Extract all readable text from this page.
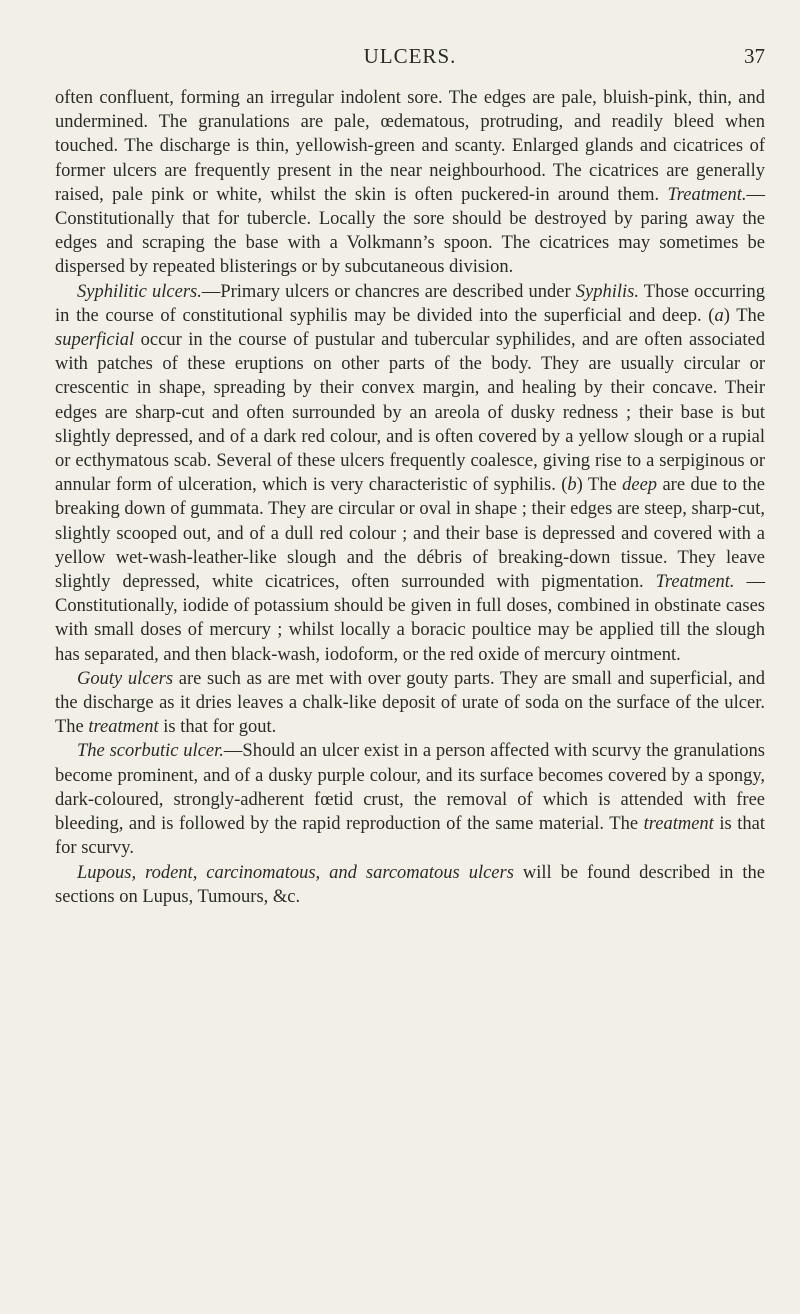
ULCERS.	37

often confluent, forming an irregular indolent sore. The edges are pale, bluish-pink, thin, and undermined. The granulations are pale, œdematous, protruding, and readily bleed when touched. The discharge is thin, yellowish-green and scanty. Enlarged glands and cicatrices of former ulcers are frequently present in the near neighbourhood. The cicatrices are generally raised, pale pink or white, whilst the skin is often puckered-in around them. Treatment.—Constitutionally that for tubercle. Locally the sore should be destroyed by paring away the edges and scraping the base with a Volkmann’s spoon. The cicatrices may sometimes be dispersed by repeated blisterings or by subcutaneous division.

Syphilitic ulcers.—Primary ulcers or chancres are described under Syphilis. Those occurring in the course of constitutional syphilis may be divided into the superficial and deep. (a) The superficial occur in the course of pustular and tubercular syphilides, and are often associated with patches of these eruptions on other parts of the body. They are usually circular or crescentic in shape, spreading by their convex margin, and healing by their concave. Their edges are sharp-cut and often surrounded by an areola of dusky redness ; their base is but slightly depressed, and of a dark red colour, and is often covered by a yellow slough or a rupial or ecthymatous scab. Several of these ulcers frequently coalesce, giving rise to a serpiginous or annular form of ulceration, which is very characteristic of syphilis. (b) The deep are due to the breaking down of gummata. They are circular or oval in shape ; their edges are steep, sharp-cut, slightly scooped out, and of a dull red colour ; and their base is depressed and covered with a yellow wet-wash-leather-like slough and the débris of breaking-down tissue. They leave slightly depressed, white cicatrices, often surrounded with pigmentation. Treatment. — Constitutionally, iodide of potassium should be given in full doses, combined in obstinate cases with small doses of mercury ; whilst locally a boracic poultice may be applied till the slough has separated, and then black-wash, iodoform, or the red oxide of mercury ointment.

Gouty ulcers are such as are met with over gouty parts. They are small and superficial, and the discharge as it dries leaves a chalk-like deposit of urate of soda on the surface of the ulcer. The treatment is that for gout.

The scorbutic ulcer.—Should an ulcer exist in a person affected with scurvy the granulations become prominent, and of a dusky purple colour, and its surface becomes covered by a spongy, dark-coloured, strongly-adherent fœtid crust, the removal of which is attended with free bleeding, and is followed by the rapid reproduction of the same material. The treatment is that for scurvy.

Lupous, rodent, carcinomatous, and sarcomatous ulcers will be found described in the sections on Lupus, Tumours, &c.
